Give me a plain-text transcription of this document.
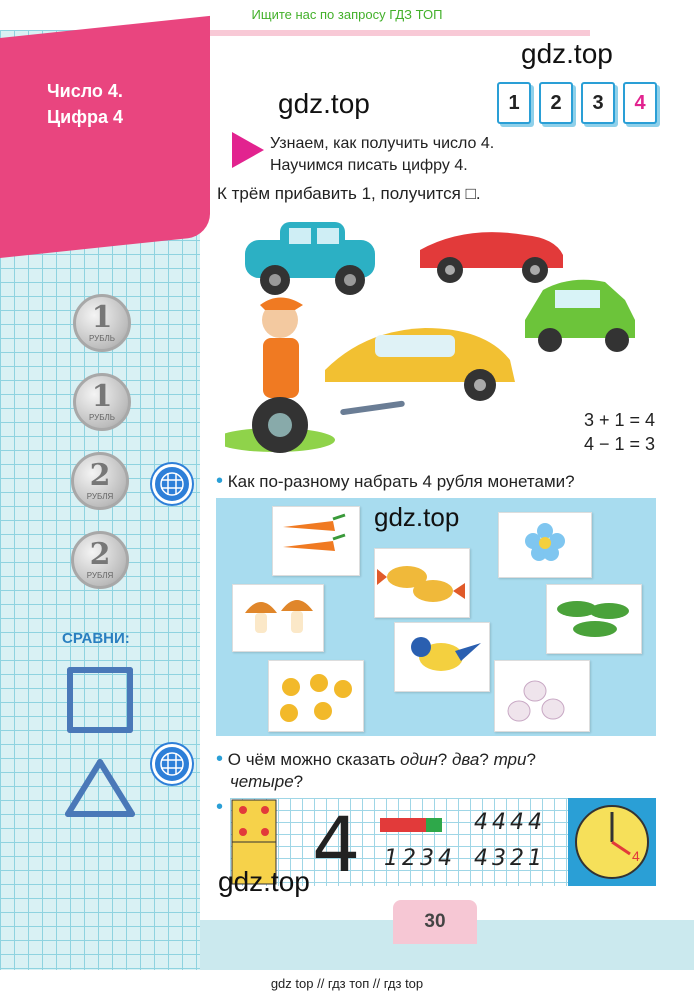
Ищите нас по запросу ГДЗ ТОП
Число 4.
Цифра 4
gdz.top
gdz.top	1	2	3	4
Узнаем, как получить число 4.
Научимся писать цифру 4.
К трём прибавить 1, получится □.
3 + 1 = 4
4 − 1 = 3
1
РУБЛЬ
1
РУБЛЬ
2
РУБЛЯ
2
РУБЛЯ
СРАВНИ:
• Как по-разному набрать 4 рубля монетами?
gdz.top
• О чём можно сказать один? два? три?
четыре?
• 4	4444
1234 4321	4
gdz.top
30
gdz top // гдз топ // гдз top
